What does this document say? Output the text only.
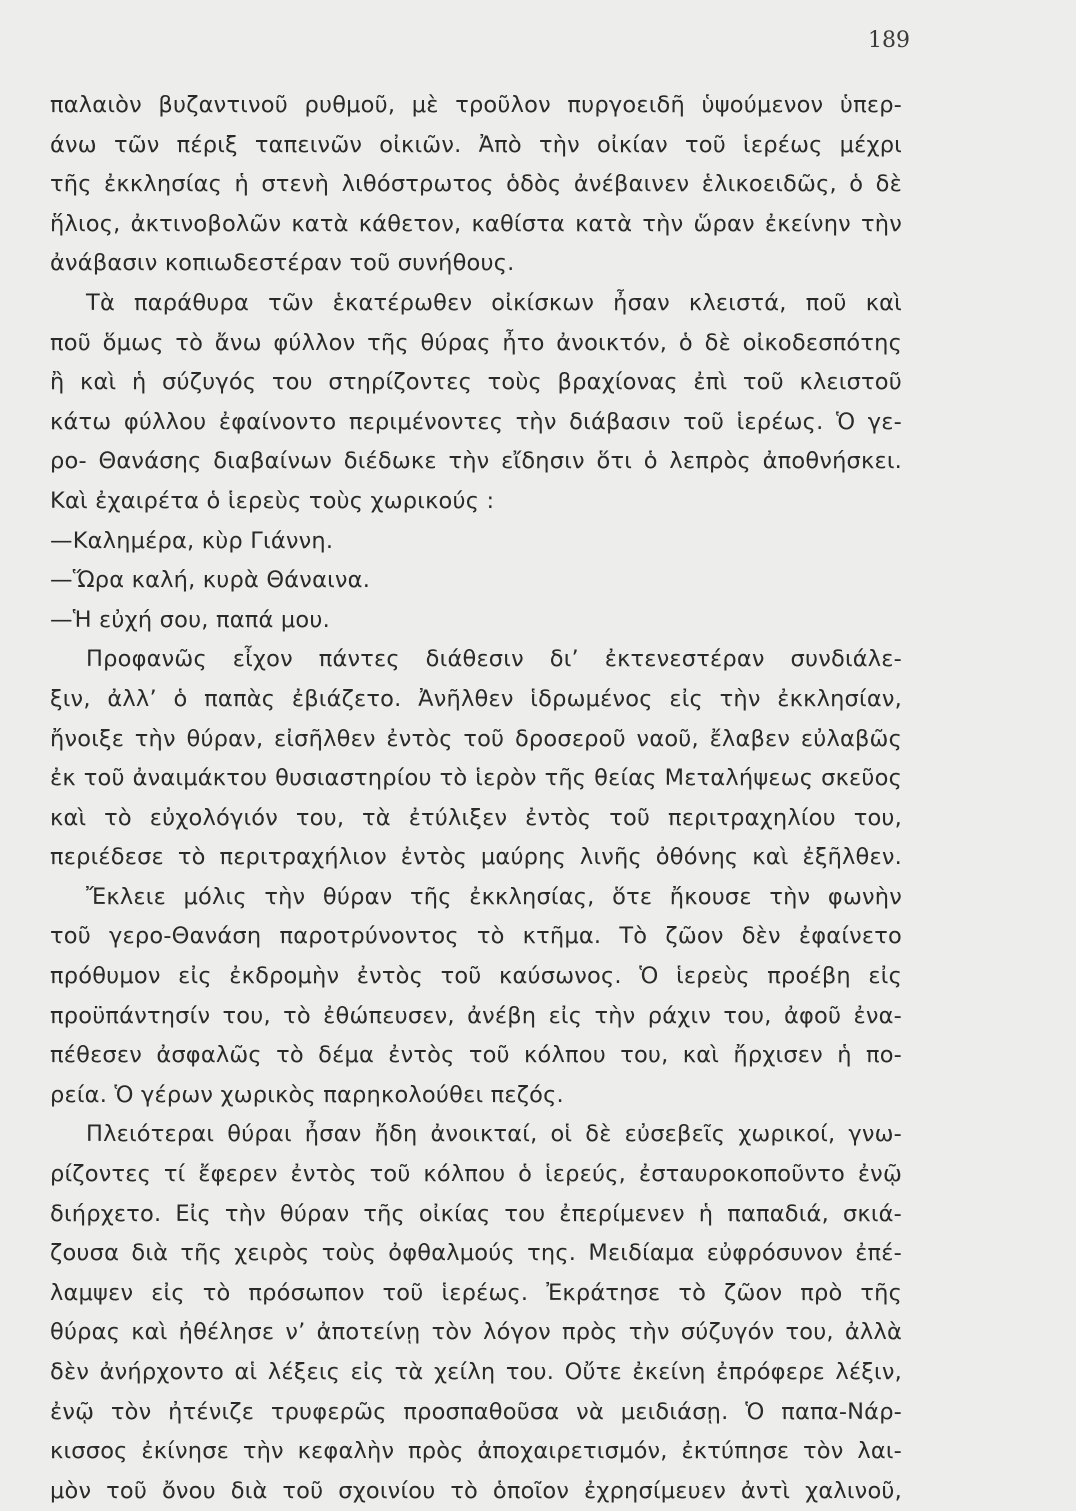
189
παλαιὸν βυζαντινοῦ ρυθμοῦ, μὲ τροῦλον πυργοειδῆ ὑψούμενον ὑπερ-
άνω τῶν πέριξ ταπεινῶν οἰκιῶν. Ἀπὸ τὴν οἰκίαν τοῦ ἱερέως μέχρι
τῆς ἐκκλησίας ἡ στενὴ λιθόστρωτος ὁδὸς ἀνέβαινεν ἑλικοειδῶς, ὁ δὲ
ἥλιος, ἀκτινοβολῶν κατὰ κάθετον, καθίστα κατὰ τὴν ὥραν ἐκείνην τὴν
ἀνάβασιν κοπιωδεστέραν τοῦ συνήθους.
Τὰ παράθυρα τῶν ἑκατέρωθεν οἰκίσκων ἦσαν κλειστά, ποῦ καὶ
ποῦ ὅμως τὸ ἄνω φύλλον τῆς θύρας ἦτο ἀνοικτόν, ὁ δὲ οἰκοδεσπότης
ἢ καὶ ἡ σύζυγός του στηρίζοντες τοὺς βραχίονας ἐπὶ τοῦ κλειστοῦ
κάτω φύλλου ἐφαίνοντο περιμένοντες τὴν διάβασιν τοῦ ἱερέως. Ὁ γε-
ρο- Θανάσης διαβαίνων διέδωκε τὴν εἴδησιν ὅτι ὁ λεπρὸς ἀποθνήσκει.
Καὶ ἐχαιρέτα ὁ ἱερεὺς τοὺς χωρικούς :
—Καλημέρα, κὺρ Γιάννη.
—Ὥρα καλή, κυρὰ Θάναινα.
—Ἡ εὐχή σου, παπά μου.
Προφανῶς εἶχον πάντες διάθεσιν δι’ ἐκτενεστέραν συνδιάλε-
ξιν, ἀλλ’ ὁ παπὰς ἐβιάζετο. Ἀνῆλθεν ἱδρωμένος εἰς τὴν ἐκκλησίαν,
ἤνοιξε τὴν θύραν, εἰσῆλθεν ἐντὸς τοῦ δροσεροῦ ναοῦ, ἔλαβεν εὐλαβῶς
ἐκ τοῦ ἀναιμάκτου θυσιαστηρίου τὸ ἱερὸν τῆς θείας Μεταλήψεως σκεῦος
καὶ τὸ εὐχολόγιόν του, τὰ ἐτύλιξεν ἐντὸς τοῦ περιτραχηλίου του,
περιέδεσε τὸ περιτραχήλιον ἐντὸς μαύρης λινῆς ὀθόνης καὶ ἐξῆλθεν.
Ἔκλειε μόλις τὴν θύραν τῆς ἐκκλησίας, ὅτε ἤκουσε τὴν φωνὴν
τοῦ γερο-Θανάση παροτρύνοντος τὸ κτῆμα. Τὸ ζῶον δὲν ἐφαίνετο
πρόθυμον εἰς ἐκδρομὴν ἐντὸς τοῦ καύσωνος. Ὁ ἱερεὺς προέβη εἰς
προϋπάντησίν του, τὸ ἐθώπευσεν, ἀνέβη εἰς τὴν ράχιν του, ἀφοῦ ἐνα-
πέθεσεν ἀσφαλῶς τὸ δέμα ἐντὸς τοῦ κόλπου του, καὶ ἤρχισεν ἡ πο-
ρεία. Ὁ γέρων χωρικὸς παρηκολούθει πεζός.
Πλειότεραι θύραι ἦσαν ἤδη ἀνοικταί, οἱ δὲ εὐσεβεῖς χωρικοί, γνω-
ρίζοντες τί ἔφερεν ἐντὸς τοῦ κόλπου ὁ ἱερεύς, ἐσταυροκοποῦντο ἐνῷ
διήρχετο. Εἰς τὴν θύραν τῆς οἰκίας του ἐπερίμενεν ἡ παπαδιά, σκιά-
ζουσα διὰ τῆς χειρὸς τοὺς ὀφθαλμούς της. Μειδίαμα εὐφρόσυνον ἐπέ-
λαμψεν εἰς τὸ πρόσωπον τοῦ ἱερέως. Ἐκράτησε τὸ ζῶον πρὸ τῆς
θύρας καὶ ἠθέλησε ν’ ἀποτείνῃ τὸν λόγον πρὸς τὴν σύζυγόν του, ἀλλὰ
δὲν ἀνήρχοντο αἱ λέξεις εἰς τὰ χείλη του. Οὔτε ἐκείνη ἐπρόφερε λέξιν,
ἐνῷ τὸν ἠτένιζε τρυφερῶς προσπαθοῦσα νὰ μειδιάσῃ. Ὁ παπα-Νάρ-
κισσος ἐκίνησε τὴν κεφαλὴν πρὸς ἀποχαιρετισμόν, ἐκτύπησε τὸν λαι-
μὸν τοῦ ὄνου διὰ τοῦ σχοινίου τὸ ὁποῖον ἐχρησίμευεν ἀντὶ χαλινοῦ,
